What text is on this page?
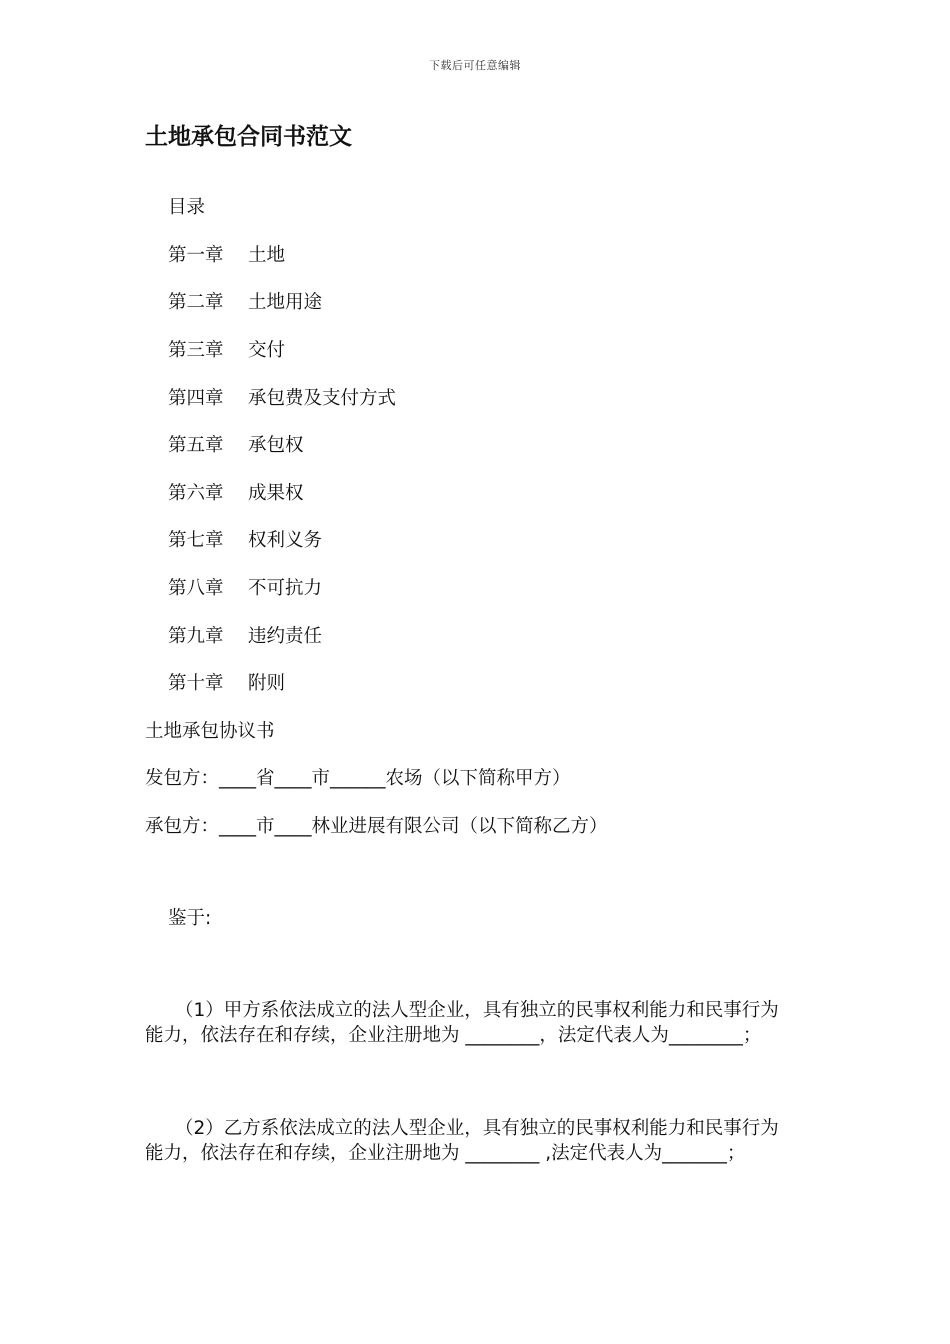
下载后可任意编辑
土地承包合同书范文
目录
第一章 土地
第二章 土地用途
第三章 交付
第四章 承包费及支付方式
第五章 承包权
第六章 成果权
第七章 权利义务
第八章 不可抗力
第九章 违约责任
第十章 附则
土地承包协议书
发包方：____省____市______农场（以下简称甲方）
承包方：____市____林业进展有限公司（以下简称乙方）
鉴于:
（1）甲方系依法成立的法人型企业，具有独立的民事权利能力和民事行为
能力，依法存在和存续，企业注册地为 ________，法定代表人为________；
（2）乙方系依法成立的法人型企业，具有独立的民事权利能力和民事行为
能力，依法存在和存续，企业注册地为 ________ ,法定代表人为_______；
